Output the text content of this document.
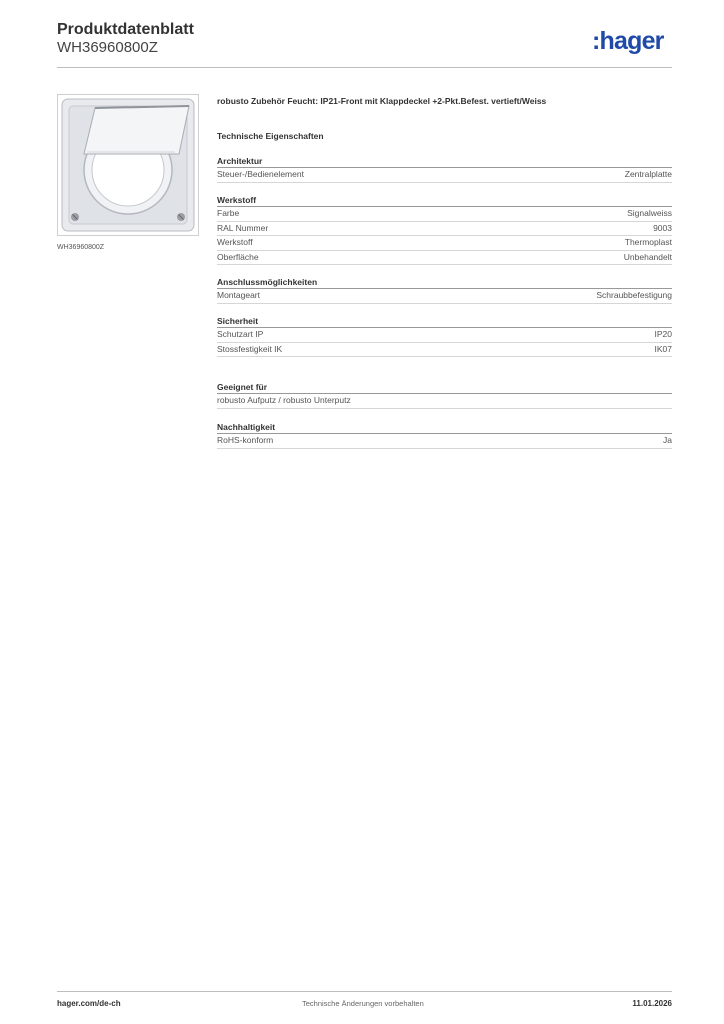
Produktdatenblatt
WH36960800Z	:hager
WH36960800Z
robusto Zubehör Feucht: IP21-Front mit Klappdeckel +2-Pkt.Befest. vertieft/Weiss
Technische Eigenschaften
Architektur
Steuer-/Bedienelement	Zentralplatte
Werkstoff
Farbe	Signalweiss
RAL Nummer	9003
Werkstoff	Thermoplast
Oberfläche	Unbehandelt
Anschlussmöglichkeiten
Montageart	Schraubbefestigung
Sicherheit
Schutzart IP	IP20
Stossfestigkeit IK	IK07
Geeignet für
robusto Aufputz / robusto Unterputz
Nachhaltigkeit
RoHS-konform	Ja
hager.com/de-ch	Technische Änderungen vorbehalten	11.01.2026
